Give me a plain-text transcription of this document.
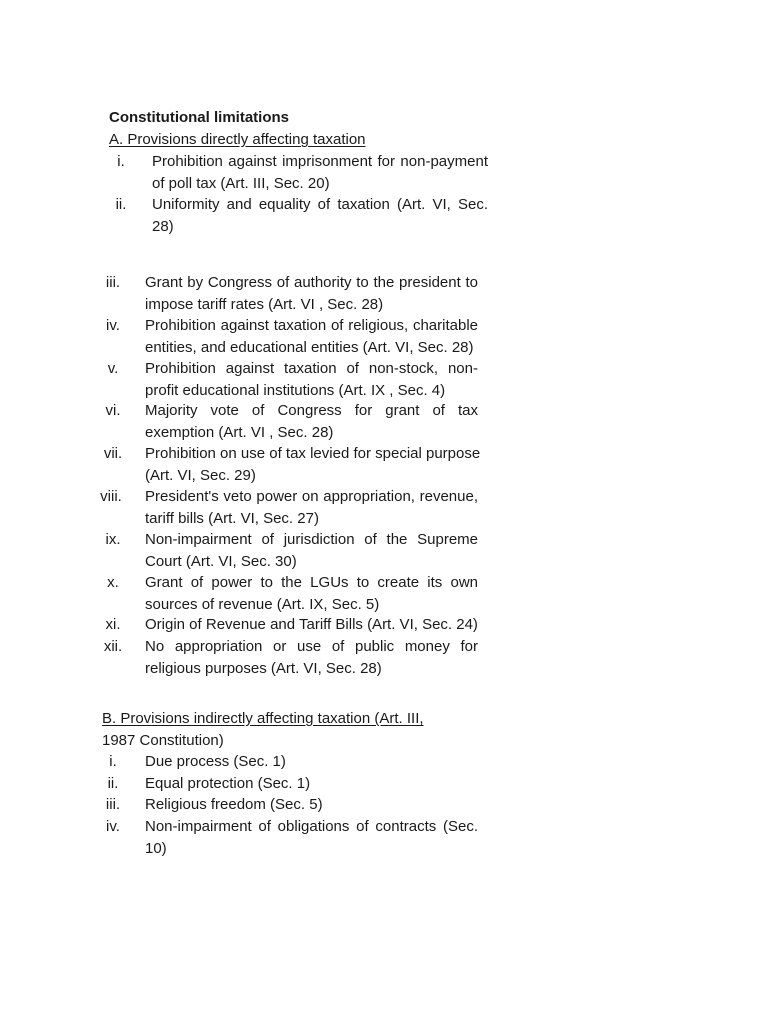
Constitutional limitations
A. Provisions directly affecting taxation
i.	Prohibition against imprisonment for non-payment
of poll tax (Art. III, Sec. 20)
ii.	Uniformity and equality of taxation (Art. VI, Sec.
28)
iii.	Grant by Congress of authority to the president to
impose tariff rates (Art. VI , Sec. 28)
iv.	Prohibition against taxation of religious, charitable
entities, and educational entities (Art. VI, Sec. 28)
v.	Prohibition against taxation of non-stock, non-
profit educational institutions (Art. IX , Sec. 4)
vi.	Majority vote of Congress for grant of tax
exemption (Art. VI , Sec. 28)
vii.	Prohibition on use of tax levied for special purpose
(Art. VI, Sec. 29)
viii.	President's veto power on appropriation, revenue,
tariff bills (Art. VI, Sec. 27)
ix.	Non-impairment of jurisdiction of the Supreme
Court (Art. VI, Sec. 30)
x.	Grant of power to the LGUs to create its own
sources of revenue (Art. IX, Sec. 5)
xi.	Origin of Revenue and Tariff Bills (Art. VI, Sec. 24)
xii.	No appropriation or use of public money for
religious purposes (Art. VI, Sec. 28)
B. Provisions indirectly affecting taxation (Art. III,
1987 Constitution)
i.	Due process (Sec. 1)
ii.	Equal protection (Sec. 1)
iii.	Religious freedom (Sec. 5)
iv.	Non-impairment of obligations of contracts (Sec.
10)
